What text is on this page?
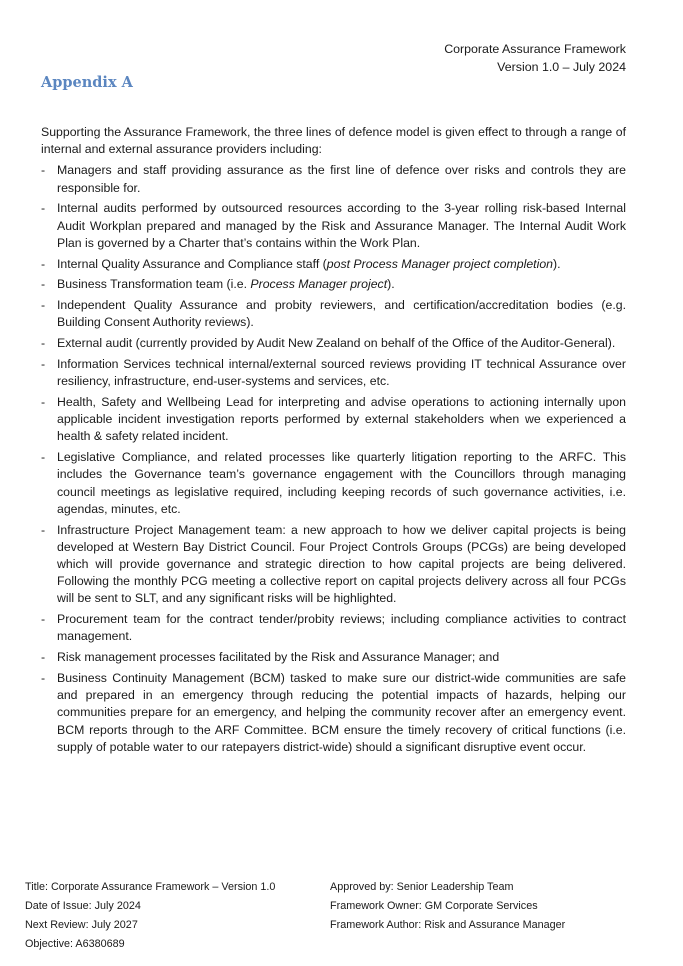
Corporate Assurance Framework
Version 1.0 – July 2024
Appendix A

Supporting the Assurance Framework, the three lines of defence model is given effect to through a range of internal and external assurance providers including:

- Managers and staff providing assurance as the first line of defence over risks and controls they are responsible for.
- Internal audits performed by outsourced resources according to the 3-year rolling risk-based Internal Audit Workplan prepared and managed by the Risk and Assurance Manager. The Internal Audit Work Plan is governed by a Charter that’s contains within the Work Plan.
- Internal Quality Assurance and Compliance staff (post Process Manager project completion).
- Business Transformation team (i.e. Process Manager project).
- Independent Quality Assurance and probity reviewers, and certification/accreditation bodies (e.g. Building Consent Authority reviews).
- External audit (currently provided by Audit New Zealand on behalf of the Office of the Auditor-General).
- Information Services technical internal/external sourced reviews providing IT technical Assurance over resiliency, infrastructure, end-user-systems and services, etc.
- Health, Safety and Wellbeing Lead for interpreting and advise operations to actioning internally upon applicable incident investigation reports performed by external stakeholders when we experienced a health & safety related incident.
- Legislative Compliance, and related processes like quarterly litigation reporting to the ARFC. This includes the Governance team’s governance engagement with the Councillors through managing council meetings as legislative required, including keeping records of such governance activities, i.e. agendas, minutes, etc.
- Infrastructure Project Management team: a new approach to how we deliver capital projects is being developed at Western Bay District Council. Four Project Controls Groups (PCGs) are being developed which will provide governance and strategic direction to how capital projects are being delivered. Following the monthly PCG meeting a collective report on capital projects delivery across all four PCGs will be sent to SLT, and any significant risks will be highlighted.
- Procurement team for the contract tender/probity reviews; including compliance activities to contract management.
- Risk management processes facilitated by the Risk and Assurance Manager; and
- Business Continuity Management (BCM) tasked to make sure our district-wide communities are safe and prepared in an emergency through reducing the potential impacts of hazards, helping our communities prepare for an emergency, and helping the community recover after an emergency event. BCM reports through to the ARF Committee. BCM ensure the timely recovery of critical functions (i.e. supply of potable water to our ratepayers district-wide) should a significant disruptive event occur.
Title: Corporate Assurance Framework – Version 1.0
Date of Issue: July 2024
Next Review: July 2027
Objective: A6380689
Approved by: Senior Leadership Team
Framework Owner: GM Corporate Services
Framework Author: Risk and Assurance Manager
